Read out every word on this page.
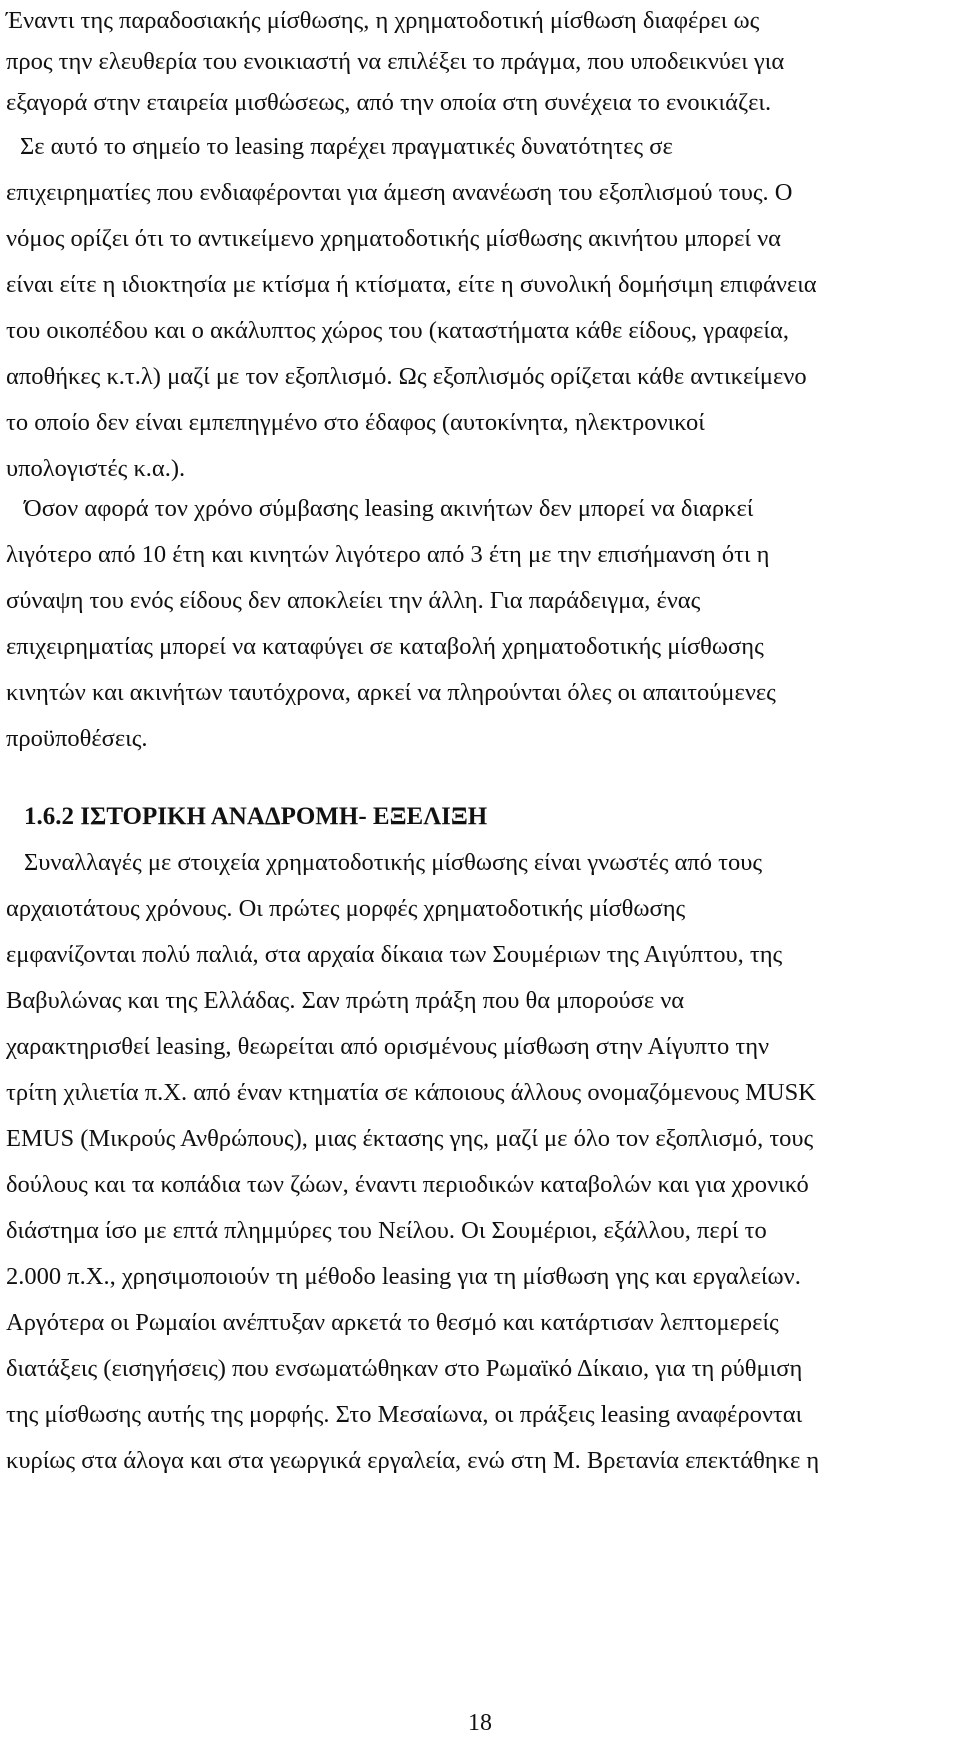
Έναντι της παραδοσιακής μίσθωσης, η χρηματοδοτική μίσθωση διαφέρει ως
προς την ελευθερία του ενοικιαστή να επιλέξει το πράγμα, που υποδεικνύει για
εξαγορά στην εταιρεία μισθώσεως, από την οποία στη συνέχεια το ενοικιάζει.
Σε αυτό το σημείο το leasing παρέχει πραγματικές δυνατότητες σε
επιχειρηματίες που ενδιαφέρονται για άμεση ανανέωση του εξοπλισμού τους. Ο
νόμος ορίζει ότι το αντικείμενο χρηματοδοτικής μίσθωσης ακινήτου μπορεί να
είναι είτε η ιδιοκτησία με κτίσμα ή κτίσματα, είτε η συνολική δομήσιμη επιφάνεια
του οικοπέδου και ο ακάλυπτος χώρος του (καταστήματα κάθε είδους, γραφεία,
αποθήκες κ.τ.λ) μαζί με τον εξοπλισμό. Ως εξοπλισμός ορίζεται κάθε αντικείμενο
το οποίο δεν είναι εμπεπηγμένο στο έδαφος (αυτοκίνητα, ηλεκτρονικοί
υπολογιστές κ.α.).
Όσον αφορά τον χρόνο σύμβασης leasing ακινήτων δεν μπορεί να διαρκεί
λιγότερο από 10 έτη και κινητών λιγότερο από 3 έτη με την επισήμανση ότι η
σύναψη του ενός είδους δεν αποκλείει την άλλη. Για παράδειγμα, ένας
επιχειρηματίας μπορεί να καταφύγει σε καταβολή χρηματοδοτικής μίσθωσης
κινητών και ακινήτων ταυτόχρονα, αρκεί να πληρούνται όλες οι απαιτούμενες
προϋποθέσεις.
1.6.2 ΙΣΤΟΡΙΚΗ ΑΝΑΔΡΟΜΗ- ΕΞΕΛΙΞΗ
Συναλλαγές με στοιχεία χρηματοδοτικής μίσθωσης είναι γνωστές από τους
αρχαιοτάτους χρόνους. Οι πρώτες μορφές χρηματοδοτικής μίσθωσης
εμφανίζονται πολύ παλιά, στα αρχαία δίκαια των Σουμέριων της Αιγύπτου, της
Βαβυλώνας και της Ελλάδας. Σαν πρώτη πράξη που θα μπορούσε να
χαρακτηρισθεί leasing, θεωρείται από ορισμένους μίσθωση στην Αίγυπτο την
τρίτη χιλιετία π.Χ. από έναν κτηματία σε κάποιους άλλους ονομαζόμενους MUSK
EMUS (Μικρούς Ανθρώπους), μιας έκτασης γης, μαζί με όλο τον εξοπλισμό, τους
δούλους και τα κοπάδια των ζώων, έναντι περιοδικών καταβολών και για χρονικό
διάστημα ίσο με επτά πλημμύρες του Νείλου. Οι Σουμέριοι, εξάλλου, περί το
2.000 π.Χ., χρησιμοποιούν τη μέθοδο leasing για τη μίσθωση γης και εργαλείων.
Αργότερα οι Ρωμαίοι ανέπτυξαν αρκετά το θεσμό και κατάρτισαν λεπτομερείς
διατάξεις (εισηγήσεις) που ενσωματώθηκαν στο Ρωμαϊκό Δίκαιο, για τη ρύθμιση
της μίσθωσης αυτής της μορφής. Στο Μεσαίωνα, οι πράξεις leasing αναφέρονται
κυρίως στα άλογα και στα γεωργικά εργαλεία, ενώ στη Μ. Βρετανία επεκτάθηκε η
18
